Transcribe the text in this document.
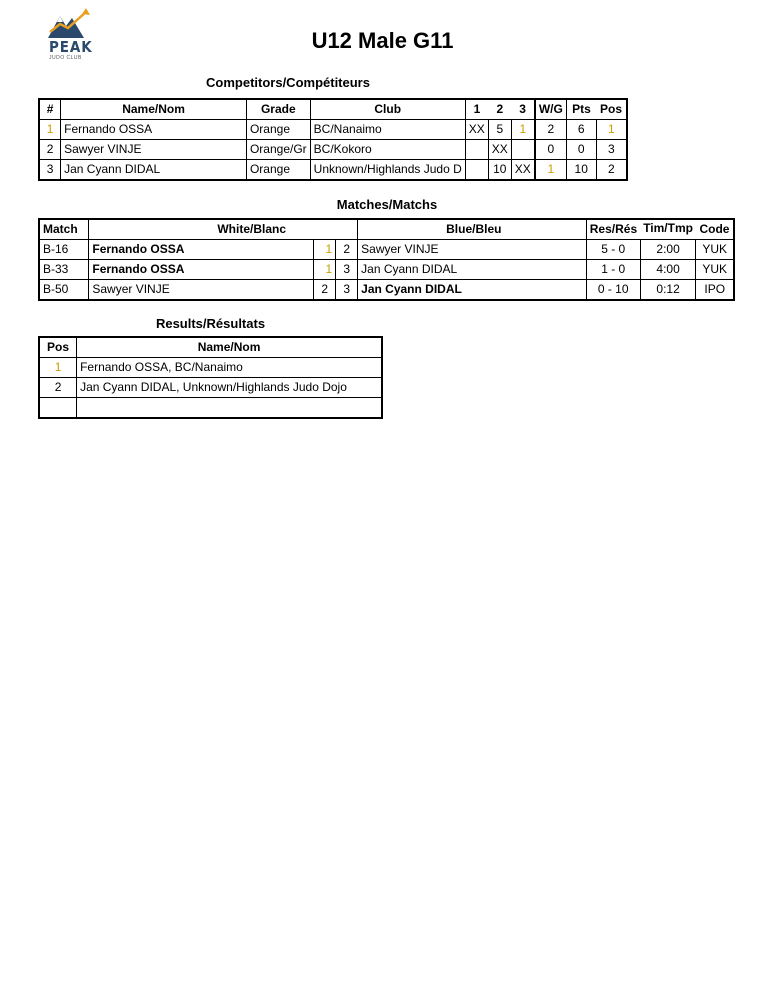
PEAK
JUDO CLUB
U12 Male G11
Competitors/Compétiteurs
#	Name/Nom	Grade	Club	1	2	3	W/G	Pts	Pos
1	Fernando OSSA	Orange	BC/Nanaimo	XX	5	1	2	6	1
2	Sawyer VINJE	Orange/Gr	BC/Kokoro		XX		0	0	3
3	Jan Cyann DIDAL	Orange	Unknown/Highlands Judo D		10	XX	1	10	2
Matches/Matchs
Match	White/Blanc			Blue/Bleu	Res/Rés	Tim/Tmp	Code
B-16	Fernando OSSA	1	2	Sawyer VINJE	5 - 0	2:00	YUK
B-33	Fernando OSSA	1	3	Jan Cyann DIDAL	1 - 0	4:00	YUK
B-50	Sawyer VINJE	2	3	Jan Cyann DIDAL	0 - 10	0:12	IPO
Results/Résultats
Pos	Name/Nom
1	Fernando OSSA, BC/Nanaimo
2	Jan Cyann DIDAL, Unknown/Highlands Judo Dojo
